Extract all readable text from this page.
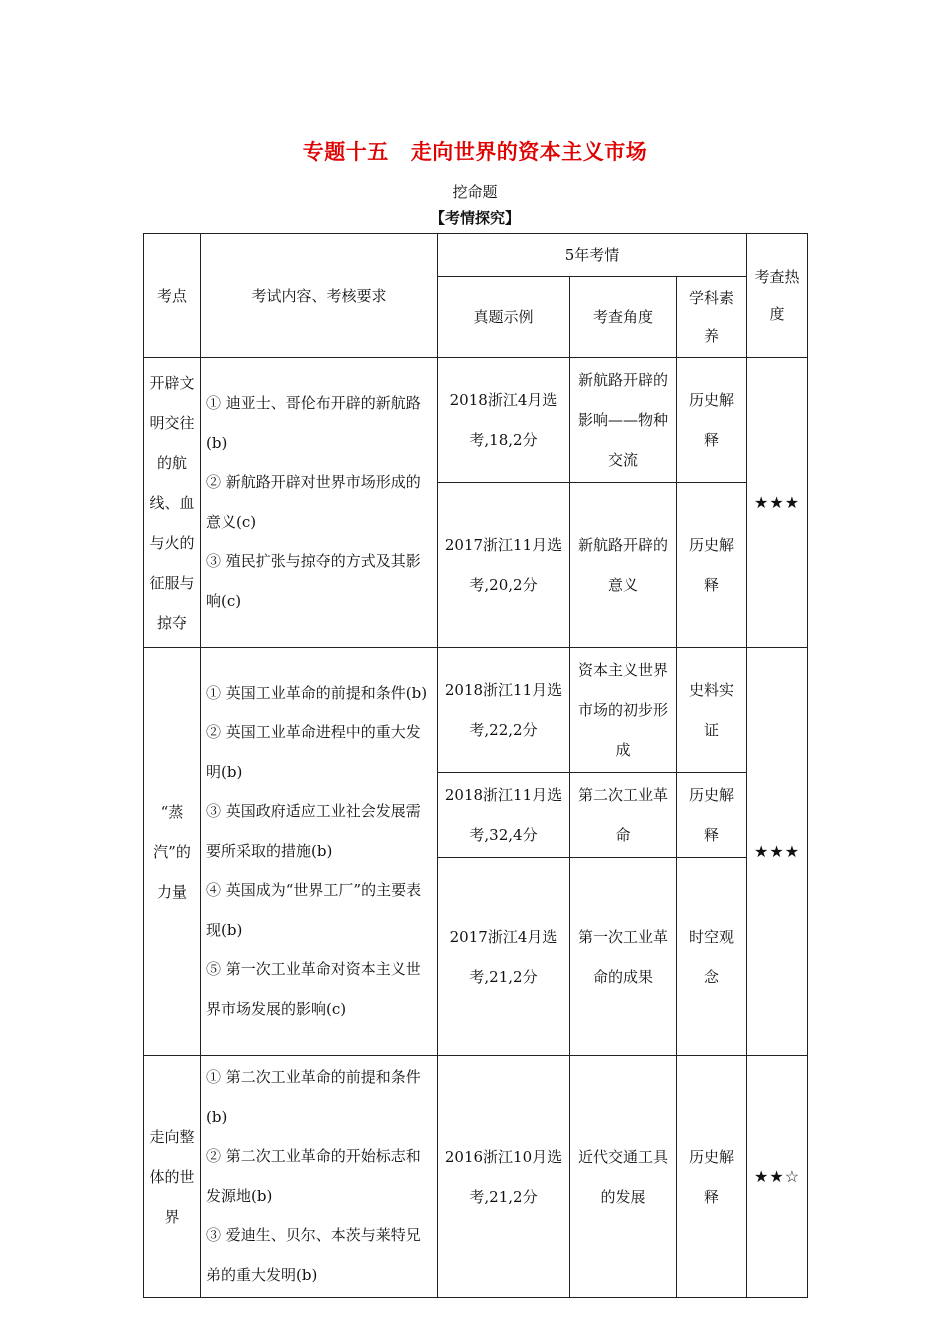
专题十五 走向世界的资本主义市场
挖命题
【考情探究】
考点	考试内容、考核要求	5年考情			考查热度
		真题示例	考查角度	学科素养	
开辟文明交往的航线、血与火的征服与掠夺	① 迪亚士、哥伦布开辟的新航路(b)
② 新航路开辟对世界市场形成的意义(c)
③ 殖民扩张与掠夺的方式及其影响(c)	2018浙江4月选考,18,2分	新航路开辟的影响——物种交流	历史解释	★★★
		2017浙江11月选考,20,2分	新航路开辟的意义	历史解释	
“蒸汽”的力量	① 英国工业革命的前提和条件(b)
② 英国工业革命进程中的重大发明(b)
③ 英国政府适应工业社会发展需要所采取的措施(b)
④ 英国成为“世界工厂”的主要表现(b)
⑤ 第一次工业革命对资本主义世界市场发展的影响(c)	2018浙江11月选考,22,2分	资本主义世界市场的初步形成	史料实证	★★★
		2018浙江11月选考,32,4分	第二次工业革命	历史解释	
		2017浙江4月选考,21,2分	第一次工业革命的成果	时空观念	
走向整体的世界	① 第二次工业革命的前提和条件(b)
② 第二次工业革命的开始标志和发源地(b)
③ 爱迪生、贝尔、本茨与莱特兄弟的重大发明(b)	2016浙江10月选考,21,2分	近代交通工具的发展	历史解释	★★☆
